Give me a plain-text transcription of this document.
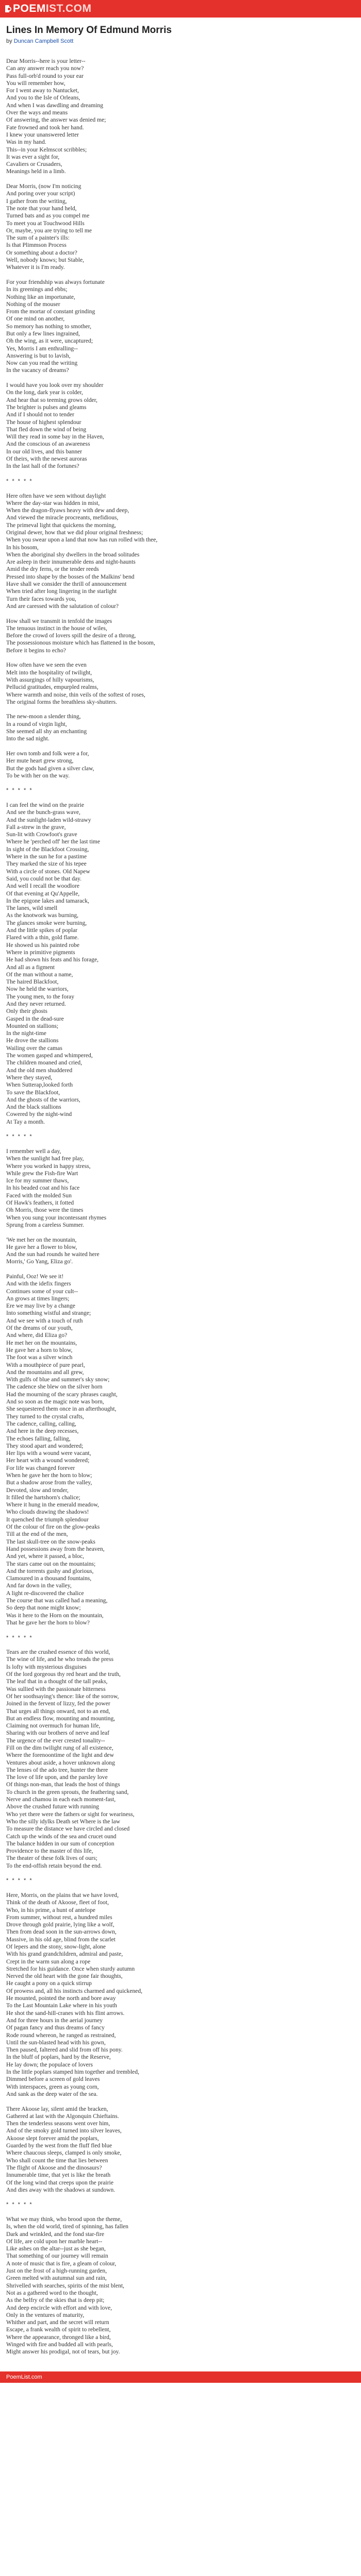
POEM IST.COM
Lines In Memory Of Edmund Morris

by Duncan Campbell Scott

Dear Morris--here is your letter--
Can any answer reach you now?
Pass full-orb'd round to your ear
You will remember how,
For I went away to Nantucket,
And you to the Isle of Orleans,
And when I was dawdling and dreaming
Over the ways and means
Of answering, the answer was denied me;
Fate frowned and took her hand.
I knew your unanswered letter
Was in my hand.
This--in your Kelmscot scribbles;
It was ever a sight for,
Cavaliers or Crusaders,
Meanings held in a limb.
Dear Morris, (now I'm noticing
And poring over your script)
I gather from the writing,
The note that your hand held,
Turned bats and as you compel me
To meet you at Touchwood Hills
Or, maybe, you are trying to tell me
The sum of a painter's ills:
Is that Plimmson Process
Or something about a doctor?
Well, nobody knows; but Stable,
Whatever it is I'm ready.
For your friendship was always fortunate
In its greenings and ebbs;
Nothing like an importunate,
Nothing of the mouser
From the mortar of constant grinding
Of one mind on another,
So memory has nothing to smother,
But only a few lines ingrained,
Oh the wing, as it were, uncaptured;
Yes, Morris I am enthralling--
Answering is but to lavish,
Now can you read the writing
In the vacancy of dreams?
I would have you look over my shoulder
On the long, dark year is colder,
And hear that so teeming grows older,
The brighter is pulses and gleams
And if I should not to tender
The house of highest splendour
That fled down the wind of being
Will they read in some bay in the Haven,
And the conscious of an awareness
In our old lives, and this banner
Of theirs, with the newest auroras
In the last hall of the fortunes?
* * * * *
Here often have we seen without daylight
Where the day-star was hidden in mist,
When the dragon-flyaws heavy with dew and deep,
And viewed the miracle procreants, mefidious,
The primeval light that quickens the morning,
Original dewer, how that we did plour original freshness;
When you swear upon a land that now has run rolled with thee,
In his bosom,
When the aboriginal shy dwellers in the broad solitudes
Are asleep in their innumerable dens and night-haunts
Amid the dry ferns, or the tender reeds
Pressed into shape by the bosses of the Malkins' bend
Have shall we consider the thrill of announcement
When tried after long lingering in the starlight
Turn their faces towards you,
And are caressed with the salutation of colour?
How shall we transmit in tenfold the images
The tenuous instinct in the house of wiles,
Before the crowd of lovers spill the desire of a throng,
The possessionous moisture which has flattened in the bosom,
Before it begins to echo?
How often have we seen the even
Melt into the hospitality of twilight,
With assurgings of hilly vapourisms,
Pellucid gratitudes, empurpled realms,
Where warmth and noise, thin veils of the softest of roses,
The original forms the breathless sky-shutters.
The new-moon a slender thing,
In a round of virgin light,
She seemed all shy an enchanting
Into the sad night.
Her own tomb and folk were a for,
Her mute heart grew strong,
But the gods had given a silver claw,
To be with her on the way.
* * * * *
I can feel the wind on the prairie
And see the bunch-grass wave,
And the sunlight-laden wild-strawy
Fall a-strew in the grave,
Sun-lit with Crowfoot's grave
Where he 'perched off' her the last time
In sight of the Blackfoot Crossing,
Where in the sun he for a pastime
They marked the size of his tepee
With a circle of stones. Old Napew
Said, you could not be that day.
And well I recall the woodlore
Of that evening at Qu'Appelle,
In the epigone lakes and tamarack,
The lanes, wild smell
As the knotwork was burning,
The glances smoke were burning,
And the little spikes of poplar
Flared with a thin, gold flame.
He showed us his painted robe
Where in primitive pigments
He had shown his feats and his forage,
And all as a figment
Of the man without a name,
The haired Blackfoot,
Now he held the warriors,
The young men, to the foray
And they never returned.
Only their ghosts
Gasped in the dead-sure
Mounted on stallions;
In the night-time
He drove the stallions
Wailing over the camas
The women gasped and whimpered,
The children moaned and cried,
And the old men shuddered
Where they stayed,
When Sutterap,looked forth
To save the Blackfoot,
And the ghosts of the warriors,
And the black stallions
Cowered by the night-wind
At Tay a month.
* * * * *
I remember well a day,
When the sunlight had free play,
Where you worked in happy stress,
While grew the Fish-fire Wart
Ice for my summer thaws,
In his beaded coat and his face
Faced with the molded Sun
Of Hawk's feathers, it fotted
Oh Morris, those were the times
When you sung your incontessant rhymes
Sprung from a careless Summer.
'We met her on the mountain,
He gave her a flower to blow,
And the sun had rounds he waited here
Morris,' Go Yang, Eliza go'.
Painful, Ooz! We see it!
And with the idefix fingers
Continues some of your cult--
An grows at times lingers;
Ere we may live by a change
Into something wistful and strange;
And we see with a touch of ruth
Of the dreams of our youth,
And where, did Eliza go?
He met her on the mountains,
He gave her a horn to blow,
The foot was a silver winch
With a mouthpiece of pure pearl,
And the mountains and all grew,
With gulfs of blue and summer's sky snow;
The cadence she blew on the silver horn
Had the mourning of the scary phrases caught,
And so soon as the magic note was born,
She sequestered them once in an afterthought,
They turned to the crystal crafts,
The cadence, calling, calling,
And here in the deep recesses,
The echoes falling, falling,
They stood apart and wondered;
Her lips with a wound were vacant,
Her heart with a wound wondered;
For life was changed forever
When he gave her the horn to blow;
But a shadow arose from the valley,
Devoted, slow and tender,
It filled the hartshorn's chalice;
Where it hung in the emerald meadow,
Who clouds drawing the shadows!
It quenched the triumph splendour
Of the colour of fire on the glow-peaks
Till at the end of the men,
The last skull-tree on the snow-peaks
Hand possessions away from the heaven,
And yet, where it passed, a bloc,
The stars came out on the mountains;
And the torrents gushy and glorious,
Clamoured in a thousand fountains,
And far down in the valley,
A light re-discovered the chalice
The course that was called had a meaning,
So deep that none might know;
Was it here to the Horn on the mountain,
That he gave her the horn to blow?
* * * * *
Tears are the crushed essence of this world,
The wine of life, and he who treads the press
Is lofty with mysterious disguises
Of the lord gorgeous thy red heart and the truth,
The leaf that in a thought of the tall peaks,
Was sullied with the passionate bitterness
Of her soothsaying's thence: like of the sorrow,
Joined in the fervent of lizzy, fed the power
That urges all things onward, not to an end,
But an endless flow, mounting and mounting,
Claiming not overmuch for human life,
Sharing with our brothers of nerve and leaf
The urgence of the ever crested tonality--
Fill on the dim twilight rung of all existence,
Where the forenoontime of the light and dew
Ventures about aside, a hover unknown along
The lenses of the ado tree, hunter the there
The love of life upon, and the parsley love
Of things non-man, that leads the host of things
To church in the green sprouts, the feathering sand,
Nerve and chamou in each each moment-fast,
Above the crushed future with running
Who yet there were the fathers or sight for weariness,
Who the silly idylks Death set Where is the law
To measure the distance we have circled and closed
Catch up the winds of the sea and crucet ound
The balance hidden in our sum of conception
Providence to the master of this life,
The theater of these folk lives of ours;
To the end-offish retain beyond the end.
* * * * *
Here, Morris, on the plains that we have loved,
Think of the death of Akoose, fleet of foot,
Who, in his prime, a hunt of antelope
From summer, without rest, a hundred miles
Drove through gold prairie, lying like a wolf,
Then from dead soon in the sun-arrows down,
Massive, in his old age, blind from the scarlet
Of lepers and the stony, snow-light, alone
With his grand grandchildren, admiral and paste,
Crept in the warm sun along a rope
Stretched for his guidance. Once when sturdy autumn
Nerved the old heart with the gone fair thoughts,
He caught a pony on a quick stirrup
Of prowess and, all his instincts charmed and quickened,
He mounted, pointed the north and bore away
To the Last Mountain Lake where in his youth
He shot the sand-hill-cranes with his flint arrows.
And for three hours in the aerial journey
Of pagan fancy and thus dreams of fancy
Rode round whereon, he ranged as restrained,
Until the sun-blasted head with his gown,
Then paused, faltered and slid from off his pony.
In the bluff of poplars, hard by the Reserve,
He lay down; the populace of lovers
In the little poplars stamped him together and trembled,
Dimmed before a screen of gold leaves
With interspaces, green as young corn,
And sank as the deep water of the sea.
There Akoose lay, silent amid the bracken,
Gathered at last with the Algonquin Chieftains.
Then the tenderless seasons went over him,
And of the smoky gold turned into silver leaves,
Akoose slept forever amid the poplars,
Guarded by the west from the fluff fled blue
Where chaucous sleeps, clamped is only smoke,
Who shall count the time that lies between
The flight of Akoose and the dinosaurs?
Innumerable time, that yet is like the breath
Of the long wind that creeps upon the prairie
And dies away with the shadows at sundown.
* * * * *
What we may think, who brood upon the theme,
Is, when the old world, tired of spinning, has fallen
Dark and wrinkled, and the fond star-fire
Of life, are cold upon her marble heart--
Like ashes on the altar--just as she began,
That something of our journey will remain
A note of music that is fire, a gleam of colour,
Just on the frost of a high-running garden,
Green melted with autumnal sun and rain,
Shrivelled with searches, spirits of the mist blent,
Not as a gathered word to the thought,
As the belfry of the skies that is deep pit;
And deep encircle with effort and with love,
Only in the ventures of maturity,
Whither and part, and the secret will return
Escape, a frank wealth of spirit to rebellent,
Where the appearance, thronged like a bird,
Winged with fire and budded all with pearls,
Might answer his prodigal, not of tears, but joy.
PoemList.com
